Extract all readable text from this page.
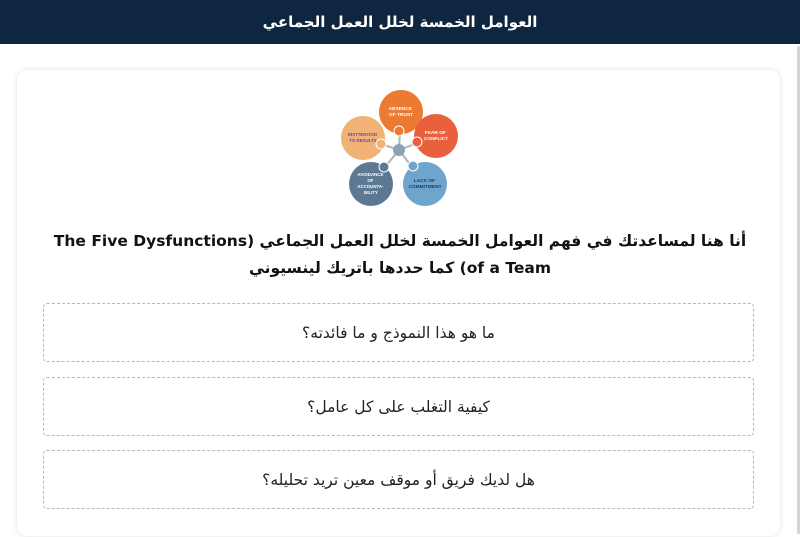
العوامل الخمسة لخلل العمل الجماعي
ABSENCE OF TRUST
FEAR OF CONFLICT
LACK OF COMMITMENT
AVOIDANCE OF ACCOUNTA- BILITY
INATTENTION TO RESULTS
أنا هنا لمساعدتك في فهم العوامل الخمسة لخلل العمل الجماعي (The Five Dysfunctions
of a Team) كما حددها باتريك لينسيوني
ما هو هذا النموذج و ما فائدته؟
كيفية التغلب على كل عامل؟
هل لديك فريق أو موقف معين تريد تحليله؟
